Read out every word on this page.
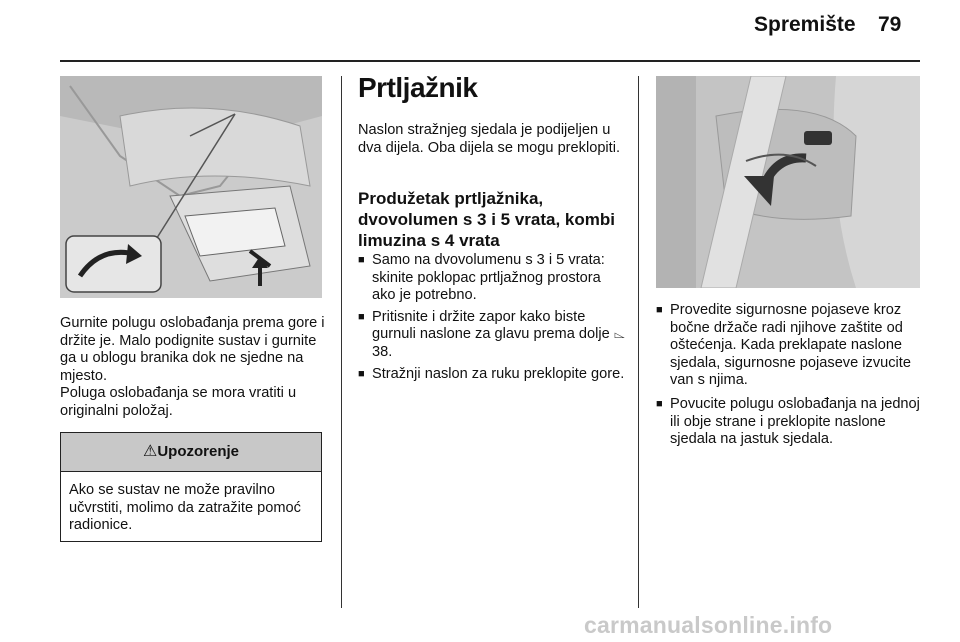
Spremište 79

Gurnite polugu oslobađanja prema gore i držite je. Malo podignite sustav i gurnite ga u oblogu branika dok ne sjedne na mjesto.

Poluga oslobađanja se mora vratiti u originalni položaj.

⚠Upozorenje
Ako se sustav ne može pravilno učvrstiti, molimo da zatražite pomoć radionice.
Prtljažnik

Naslon stražnjeg sjedala je podijeljen u dva dijela. Oba dijela se mogu preklopiti.

Produžetak prtljažnika, dvovolumen s 3 i 5 vrata, kombi limuzina s 4 vrata
■ Samo na dvovolumenu s 3 i 5 vrata: skinite poklopac prtljažnog prostora ako je potrebno.
■ Pritisnite i držite zapor kako biste gurnuli naslone za glavu prema dolje ⌳ 38.
■ Stražnji naslon za ruku preklopite gore.
■ Provedite sigurnosne pojaseve kroz bočne držače radi njihove zaštite od oštećenja. Kada preklapate naslone sjedala, sigurnosne pojaseve izvucite van s njima.
■ Povucite polugu oslobađanja na jednoj ili obje strane i preklopite naslone sjedala na jastuk sjedala.
carmanualsonline.info
